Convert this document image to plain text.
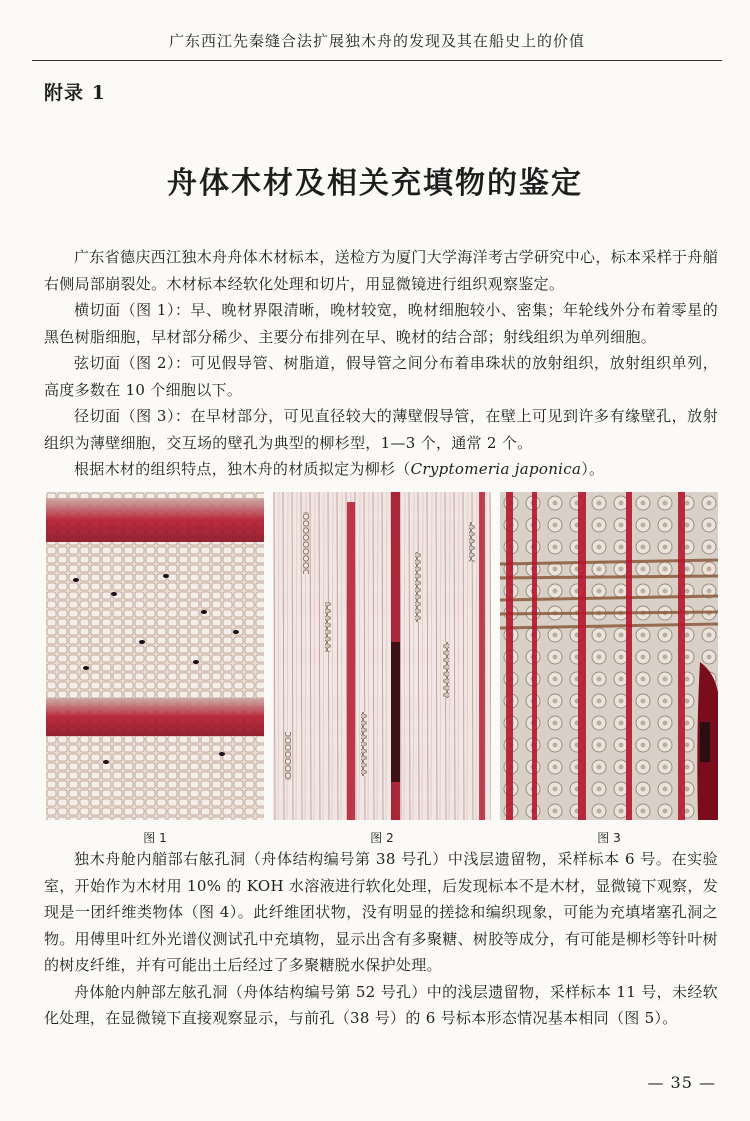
广东西江先秦缝合法扩展独木舟的发现及其在船史上的价值
附录 1
舟体木材及相关充填物的鉴定

广东省德庆西江独木舟舟体木材标本，送检方为厦门大学海洋考古学研究中心，标本采样于舟艏右侧局部崩裂处。木材标本经软化处理和切片，用显微镜进行组织观察鉴定。

横切面（图 1）：早、晚材界限清晰，晚材较宽，晚材细胞较小、密集；年轮线外分布着零星的黑色树脂细胞，早材部分稀少、主要分布排列在早、晚材的结合部；射线组织为单列细胞。

弦切面（图 2）：可见假导管、树脂道，假导管之间分布着串珠状的放射组织，放射组织单列，高度多数在 10 个细胞以下。

径切面（图 3）：在早材部分，可见直径较大的薄壁假导管，在壁上可见到许多有缘壁孔，放射组织为薄壁细胞，交互场的壁孔为典型的柳杉型，1—3 个，通常 2 个。

根据木材的组织特点，独木舟的材质拟定为柳杉（Cryptomeria japonica）。

图 1	图 2	图 3

独木舟舱内艏部右舷孔洞（舟体结构编号第 38 号孔）中浅层遗留物，采样标本 6 号。在实验室，开始作为木材用 10% 的 KOH 水溶液进行软化处理，后发现标本不是木材，显微镜下观察，发现是一团纤维类物体（图 4）。此纤维团状物，没有明显的搓捻和编织现象，可能为充填堵塞孔洞之物。用傅里叶红外光谱仪测试孔中充填物，显示出含有多聚糖、树胶等成分，有可能是柳杉等针叶树的树皮纤维，并有可能出土后经过了多聚糖脱水保护处理。

舟体舱内舯部左舷孔洞（舟体结构编号第 52 号孔）中的浅层遗留物，采样标本 11 号，未经软化处理，在显微镜下直接观察显示，与前孔（38 号）的 6 号标本形态情况基本相同（图 5）。

— 35 —
